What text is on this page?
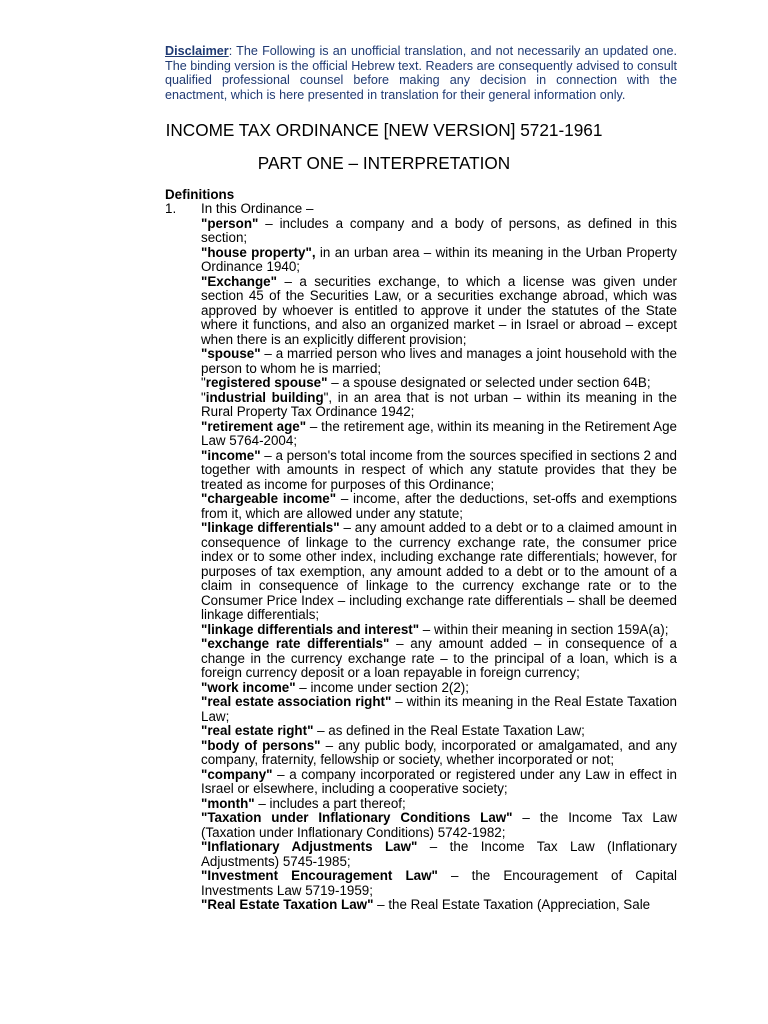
Disclaimer: The Following is an unofficial translation, and not necessarily an updated one. The binding version is the official Hebrew text. Readers are consequently advised to consult qualified professional counsel before making any decision in connection with the enactment, which is here presented in translation for their general information only.
INCOME TAX ORDINANCE [NEW VERSION] 5721-1961
PART ONE – INTERPRETATION
Definitions
1. In this Ordinance –

"person" – includes a company and a body of persons, as defined in this section;

"house property", in an urban area – within its meaning in the Urban Property Ordinance 1940;

"Exchange" – a securities exchange, to which a license was given under section 45 of the Securities Law, or a securities exchange abroad, which was approved by whoever is entitled to approve it under the statutes of the State where it functions, and also an organized market – in Israel or abroad – except when there is an explicitly different provision;

"spouse" – a married person who lives and manages a joint household with the person to whom he is married;

"registered spouse" – a spouse designated or selected under section 64B;

"industrial building", in an area that is not urban – within its meaning in the Rural Property Tax Ordinance 1942;

"retirement age" – the retirement age, within its meaning in the Retirement Age Law 5764-2004;

"income" – a person's total income from the sources specified in sections 2 and together with amounts in respect of which any statute provides that they be treated as income for purposes of this Ordinance;

"chargeable income" – income, after the deductions, set-offs and exemptions from it, which are allowed under any statute;

"linkage differentials" – any amount added to a debt or to a claimed amount in consequence of linkage to the currency exchange rate, the consumer price index or to some other index, including exchange rate differentials; however, for purposes of tax exemption, any amount added to a debt or to the amount of a claim in consequence of linkage to the currency exchange rate or to the Consumer Price Index – including exchange rate differentials – shall be deemed linkage differentials;

"linkage differentials and interest" – within their meaning in section 159A(a);

"exchange rate differentials" – any amount added – in consequence of a change in the currency exchange rate – to the principal of a loan, which is a foreign currency deposit or a loan repayable in foreign currency;

"work income" – income under section 2(2);

"real estate association right" – within its meaning in the Real Estate Taxation Law;

"real estate right" – as defined in the Real Estate Taxation Law;

"body of persons" – any public body, incorporated or amalgamated, and any company, fraternity, fellowship or society, whether incorporated or not;

"company" – a company incorporated or registered under any Law in effect in Israel or elsewhere, including a cooperative society;

"month" – includes a part thereof;

"Taxation under Inflationary Conditions Law" – the Income Tax Law (Taxation under Inflationary Conditions) 5742-1982;

"Inflationary Adjustments Law" – the Income Tax Law (Inflationary Adjustments) 5745-1985;

"Investment Encouragement Law" – the Encouragement of Capital Investments Law 5719-1959;

"Real Estate Taxation Law" – the Real Estate Taxation (Appreciation, Sale
